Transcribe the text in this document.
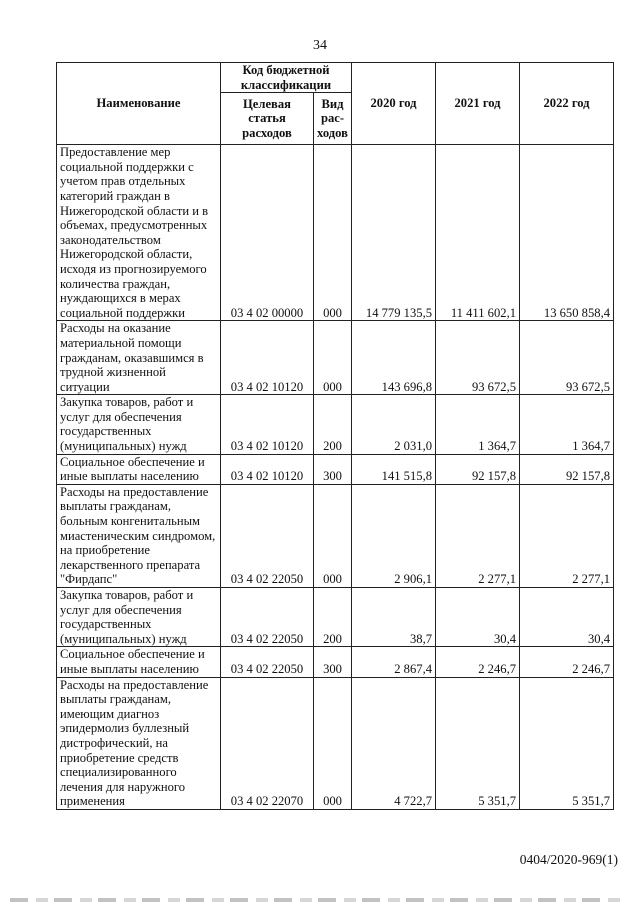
34
Наименование	Код бюджетной классификации		2020 год	2021 год	2022 год
	Целевая статья расходов	Вид рас-ходов			
Предоставление мер социальной поддержки с учетом прав отдельных категорий граждан в Нижегородской области и в объемах, предусмотренных законодательством Нижегородской области, исходя из прогнозируемого количества граждан, нуждающихся в мерах социальной поддержки	03 4 02 00000	000	14 779 135,5	11 411 602,1	13 650 858,4
Расходы на оказание материальной помощи гражданам, оказавшимся в трудной жизненной ситуации	03 4 02 10120	000	143 696,8	93 672,5	93 672,5
Закупка товаров, работ и услуг для обеспечения государственных (муниципальных) нужд	03 4 02 10120	200	2 031,0	1 364,7	1 364,7
Социальное обеспечение и иные выплаты населению	03 4 02 10120	300	141 515,8	92 157,8	92 157,8
Расходы на предоставление выплаты гражданам, больным конгенитальным миастеническим синдромом, на приобретение лекарственного препарата "Фирдапс"	03 4 02 22050	000	2 906,1	2 277,1	2 277,1
Закупка товаров, работ и услуг для обеспечения государственных (муниципальных) нужд	03 4 02 22050	200	38,7	30,4	30,4
Социальное обеспечение и иные выплаты населению	03 4 02 22050	300	2 867,4	2 246,7	2 246,7
Расходы на предоставление выплаты гражданам, имеющим диагноз эпидермолиз буллезный дистрофический, на приобретение средств специализированного лечения для наружного применения	03 4 02 22070	000	4 722,7	5 351,7	5 351,7
0404/2020-969(1)
